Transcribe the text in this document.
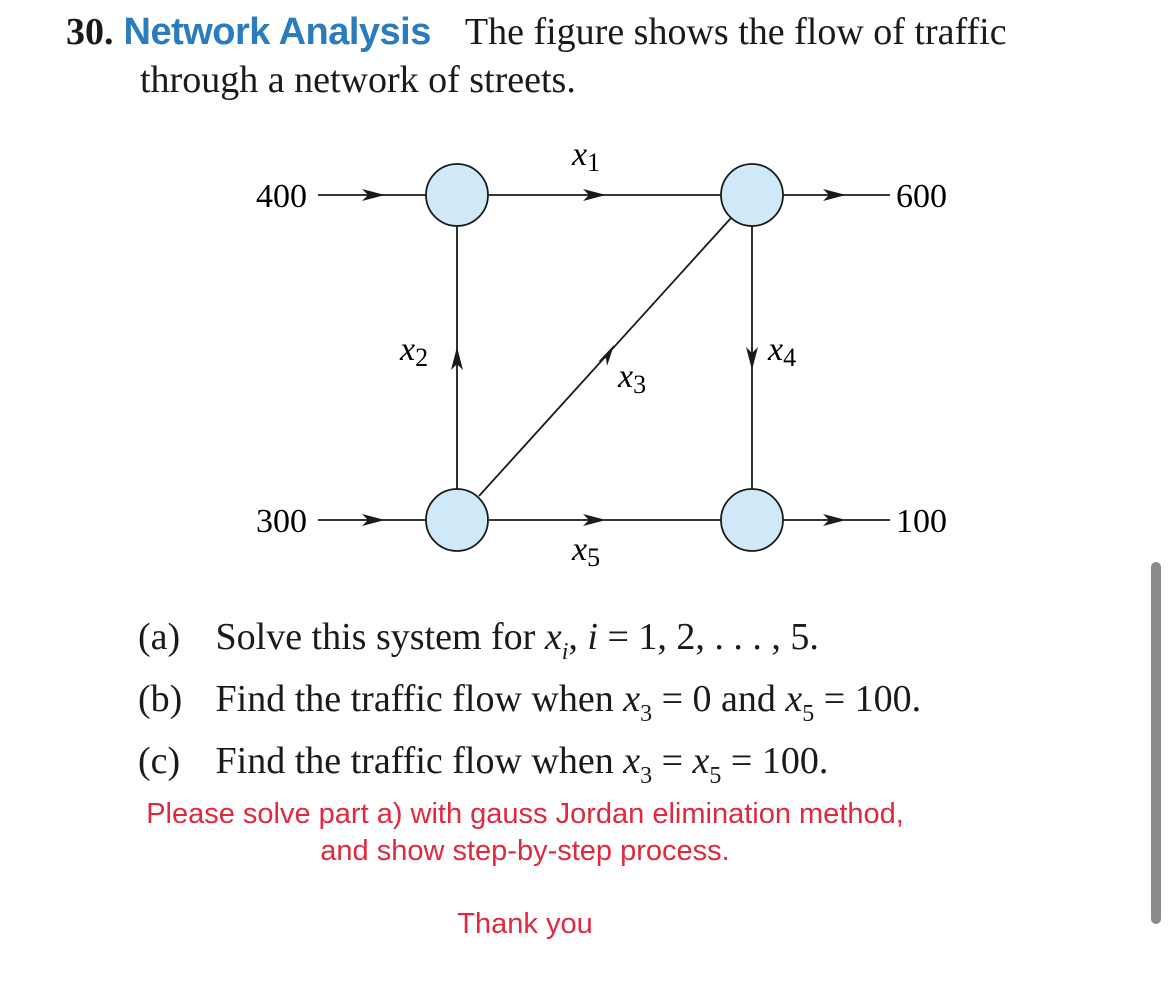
30. Network Analysis The figure shows the flow of traffic

through a network of streets.
400
300
600
100
x1
x2
x3
x4
x5
(a) Solve this system for $x_i$, i = 1, 2, . . . , 5.
(b) Find the traffic flow when $x_3 = 0$ and $x_5 = 100$.
(c) Find the traffic flow when $x_3 = x_5 = 100$.
Please solve part a) with gauss Jordan elimination method,
and show step-by-step process.
Thank you
